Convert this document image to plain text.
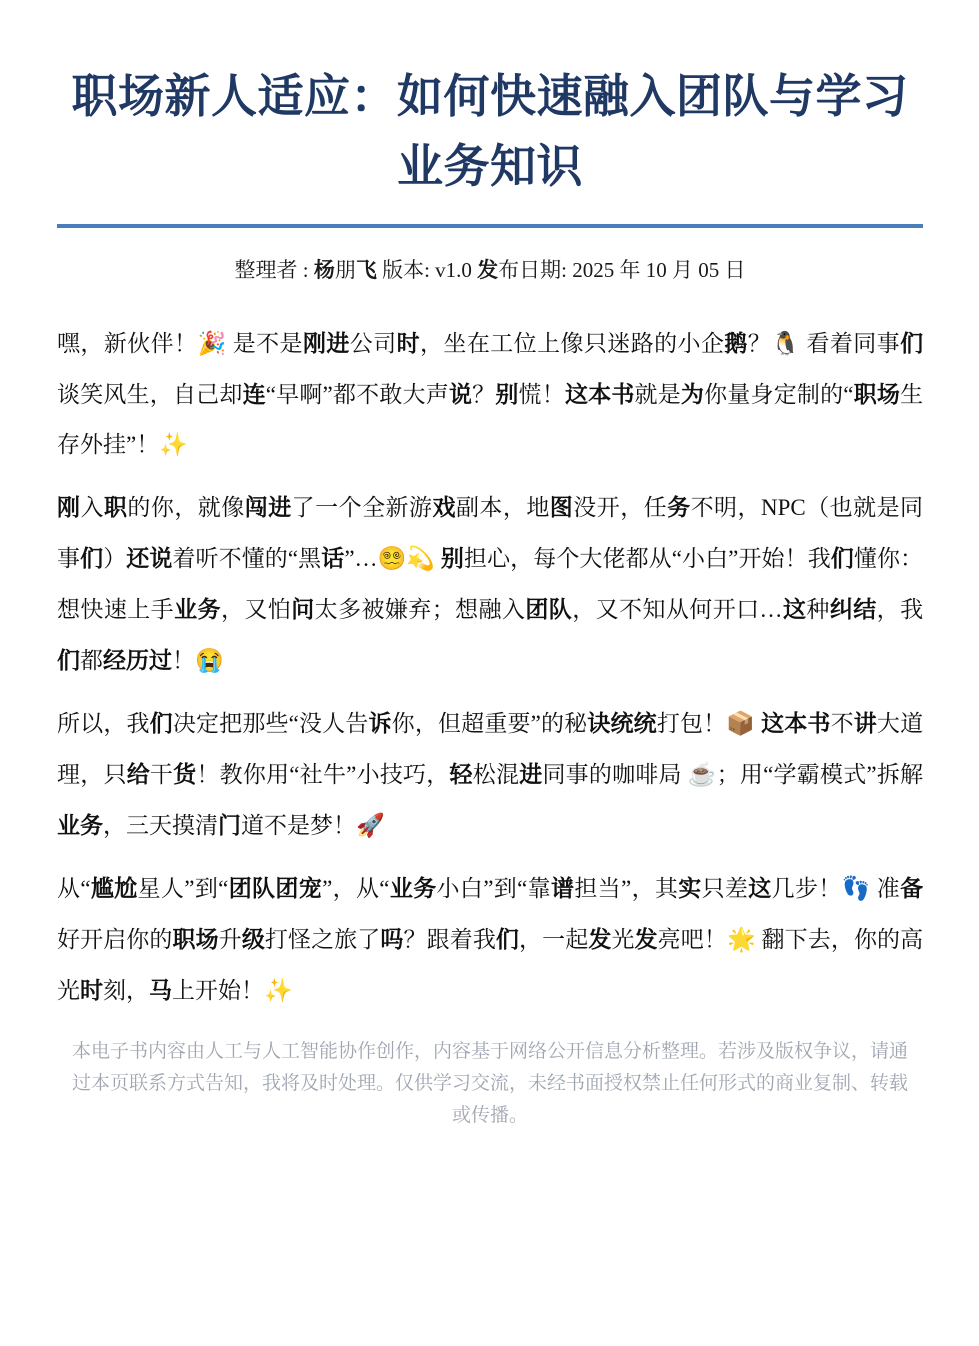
职场新人适应：如何快速融入团队与学习业务知识

整理者 : 杨朋飞 版本: v1.0 发布日期: 2025 年 10 月 05 日

嘿，新伙伴！🎉 是不是刚进公司时，坐在工位上像只迷路的小企鹅？🐧 看着同事们谈笑风生，自己却连“早啊”都不敢大声说？别慌！这本书就是为你量身定制的“职场生存外挂”！✨

刚入职的你，就像闯进了一个全新游戏副本，地图没开，任务不明，NPC（也就是同事们）还说着听不懂的“黑话”…😵‍💫💫 别担心，每个大佬都从“小白”开始！我们懂你：想快速上手业务，又怕问太多被嫌弃；想融入团队，又不知从何开口…这种纠结，我们都经历过！😭

所以，我们决定把那些“没人告诉你，但超重要”的秘诀统统打包！📦 这本书不讲大道理，只给干货！教你用“社牛”小技巧，轻松混进同事的咖啡局 ☕；用“学霸模式”拆解业务，三天摸清门道不是梦！🚀

从“尴尬星人”到“团队团宠”，从“业务小白”到“靠谱担当”，其实只差这几步！👣 准备好开启你的职场升级打怪之旅了吗？跟着我们，一起发光发亮吧！🌟 翻下去，你的高光时刻，马上开始！✨

本电子书内容由人工与人工智能协作创作，内容基于网络公开信息分析整理。若涉及版权争议，请通过本页联系方式告知，我将及时处理。仅供学习交流，未经书面授权禁止任何形式的商业复制、转载或传播。
